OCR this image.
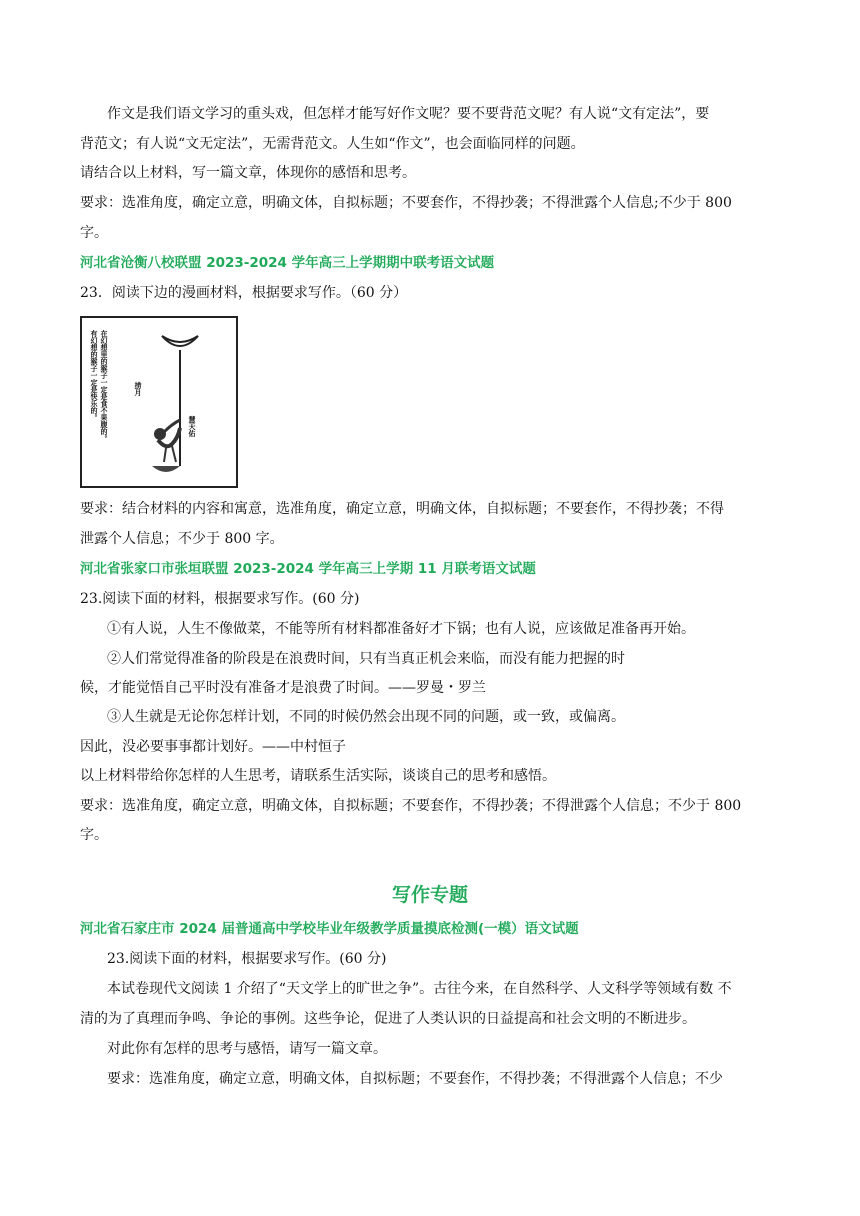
作文是我们语文学习的重头戏，但怎样才能写好作文呢？要不要背范文呢？有人说“文有定法”，要
背范文；有人说“文无定法”，无需背范文。人生如“作文”，也会面临同样的问题。
请结合以上材料，写一篇文章，体现你的感悟和思考。
要求：选准角度，确定立意，明确文体，自拟标题；不要套作，不得抄袭；不得泄露个人信息;不少于 800
字。
河北省沧衡八校联盟 2023-2024 学年高三上学期期中联考语文试题
23．阅读下边的漫画材料，根据要求写作。（60 分）
捞月
有幻想的猴子一定是快乐的。 在幻想里的猴子一定是食不果腹的。	慧天佑
要求：结合材料的内容和寓意，选准角度，确定立意，明确文体，自拟标题；不要套作，不得抄袭；不得
泄露个人信息；不少于 800 字。
河北省张家口市张垣联盟 2023-2024 学年高三上学期 11 月联考语文试题
23.阅读下面的材料，根据要求写作。(60 分)
①有人说，人生不像做菜，不能等所有材料都准备好才下锅；也有人说，应该做足准备再开始。
②人们常觉得准备的阶段是在浪费时间，只有当真正机会来临，而没有能力把握的时
候，才能觉悟自己平时没有准备才是浪费了时间。——罗曼・罗兰
③人生就是无论你怎样计划，不同的时候仍然会出现不同的问题，或一致，或偏离。
因此，没必要事事都计划好。——中村恒子
以上材料带给你怎样的人生思考，请联系生活实际，谈谈自己的思考和感悟。
要求：选准角度，确定立意，明确文体，自拟标题；不要套作，不得抄袭；不得泄露个人信息；不少于 800
字。
写作专题
河北省石家庄市 2024 届普通高中学校毕业年级教学质量摸底检测(一模）语文试题
23.阅读下面的材料，根据要求写作。(60 分)
本试卷现代文阅读 1 介绍了“天文学上的旷世之争”。古往今来，在自然科学、人文科学等领域有数 不
清的为了真理而争鸣、争论的事例。这些争论，促进了人类认识的日益提高和社会文明的不断进步。
对此你有怎样的思考与感悟，请写一篇文章。
要求：选准角度，确定立意，明确文体，自拟标题；不要套作，不得抄袭；不得泄露个人信息；不少
